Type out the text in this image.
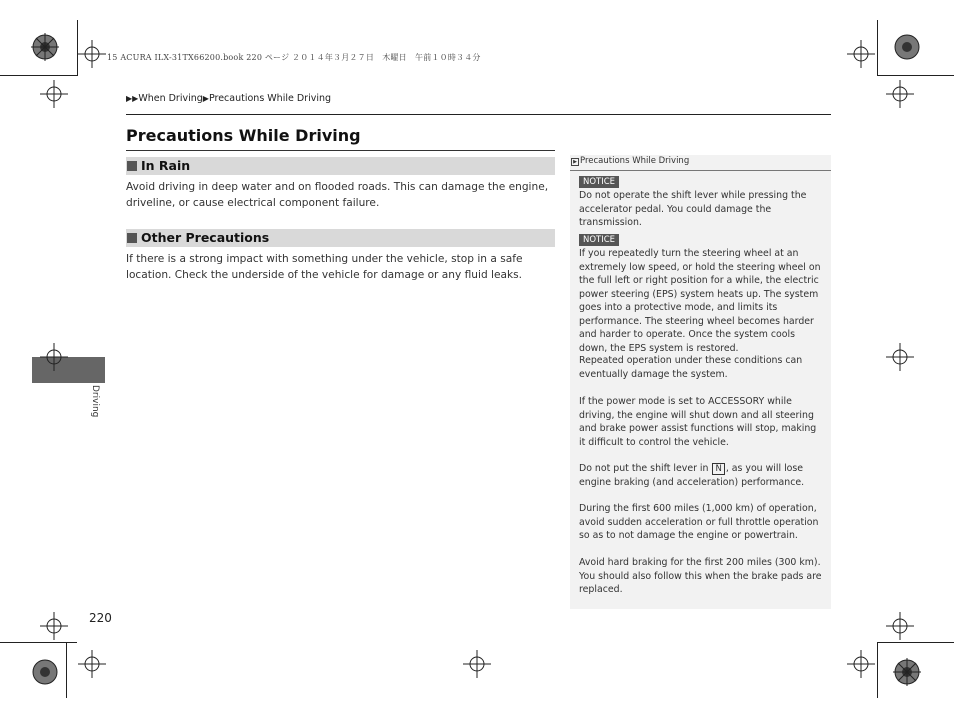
15 ACURA ILX-31TX66200.book 220 ページ ２０１４年３月２７日　木曜日　午前１０時３４分
▶▶When Driving▶Precautions While Driving
Precautions While Driving
In Rain
Avoid driving in deep water and on flooded roads. This can damage the engine, driveline, or cause electrical component failure.
Other Precautions
If there is a strong impact with something under the vehicle, stop in a safe location. Check the underside of the vehicle for damage or any fluid leaks.
▶ Precautions While Driving
NOTICE
Do not operate the shift lever while pressing the accelerator pedal. You could damage the transmission.
NOTICE
If you repeatedly turn the steering wheel at an extremely low speed, or hold the steering wheel on the full left or right position for a while, the electric power steering (EPS) system heats up. The system goes into a protective mode, and limits its performance. The steering wheel becomes harder and harder to operate. Once the system cools down, the EPS system is restored.
Repeated operation under these conditions can eventually damage the system.
If the power mode is set to ACCESSORY while driving, the engine will shut down and all steering and brake power assist functions will stop, making it difficult to control the vehicle.
Do not put the shift lever in N , as you will lose engine braking (and acceleration) performance.
During the first 600 miles (1,000 km) of operation, avoid sudden acceleration or full throttle operation so as to not damage the engine or powertrain.
Avoid hard braking for the first 200 miles (300 km). You should also follow this when the brake pads are replaced.
Driving
220
